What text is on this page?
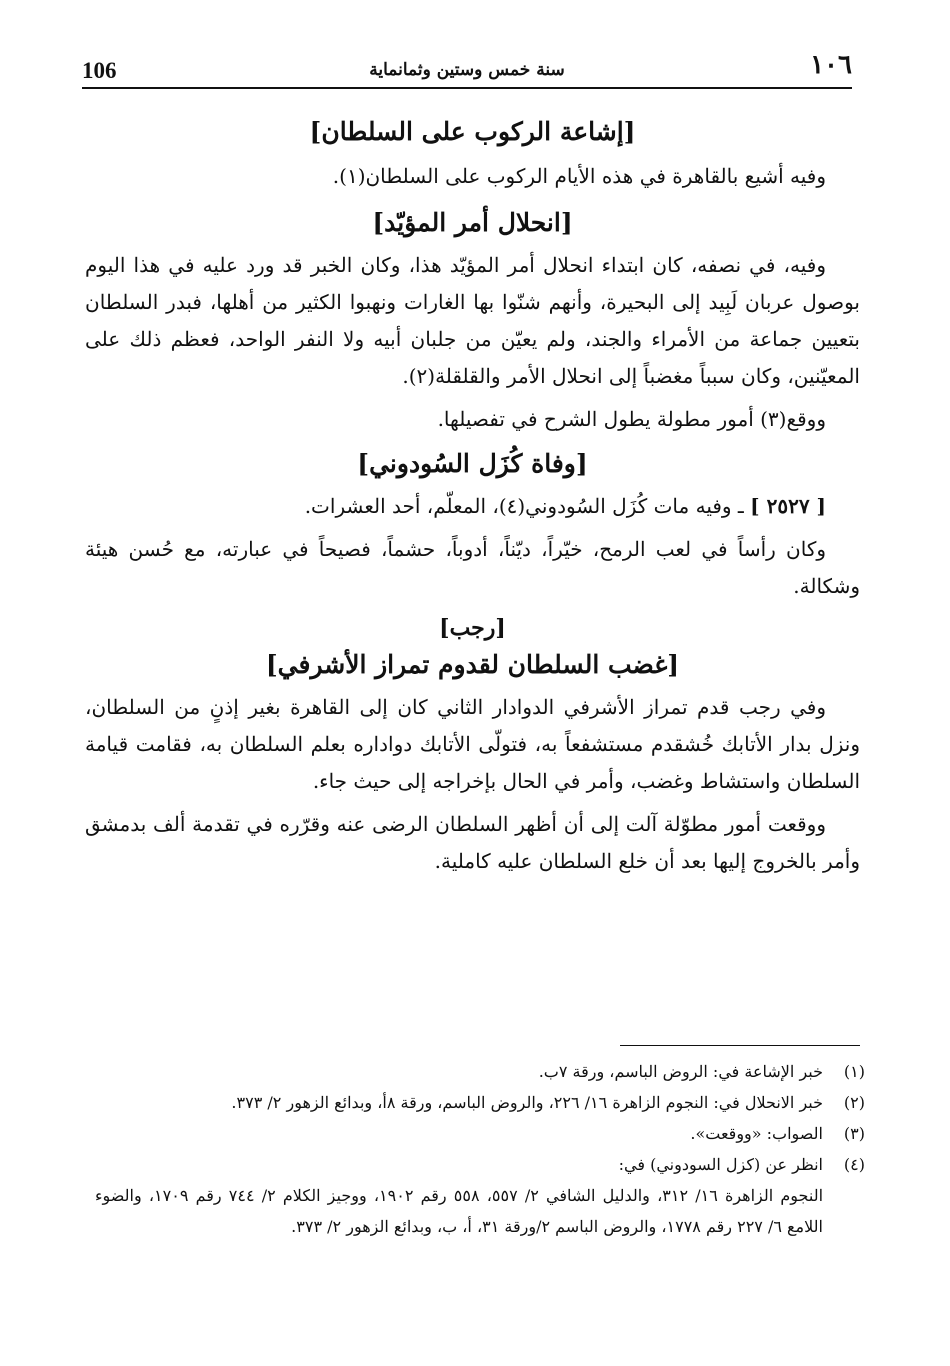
106	سنة خمس وستين وثمانماية	١٠٦
[إشاعة الركوب على السلطان]

وفيه أشيع بالقاهرة في هذه الأيام الركوب على السلطان(١).

[انحلال أمر المؤيّد]

وفيه، في نصفه، كان ابتداء انحلال أمر المؤيّد هذا، وكان الخبر قد ورد عليه في هذا اليوم بوصول عربان لَبِيد إلى البحيرة، وأنهم شنّوا بها الغارات ونهبوا الكثير من أهلها، فبدر السلطان بتعيين جماعة من الأمراء والجند، ولم يعيّن من جلبان أبيه ولا النفر الواحد، فعظم ذلك على المعيّنين، وكان سبباً مغضباً إلى انحلال الأمر والقلقلة(٢).

ووقع(٣) أمور مطولة يطول الشرح في تفصيلها.

[وفاة كُزَل السُودوني]

[ ٢٥٢٧ ] ـ وفيه مات كُزَل السُودوني(٤)، المعلّم، أحد العشرات.

وكان رأساً في لعب الرمح، خيّراً، ديّناً، أدوباً، حشماً، فصيحاً في عبارته، مع حُسن هيئة وشكالة.

[رجب]
[غضب السلطان لقدوم تمراز الأشرفي]

وفي رجب قدم تمراز الأشرفي الدوادار الثاني كان إلى القاهرة بغير إذنٍ من السلطان، ونزل بدار الأتابك خُشقدم مستشفعاً به، فتولّى الأتابك دواداره بعلم السلطان به، فقامت قيامة السلطان واستشاط وغضب، وأمر في الحال بإخراجه إلى حيث جاء.

ووقعت أمور مطوّلة آلت إلى أن أظهر السلطان الرضى عنه وقرّره في تقدمة ألف بدمشق وأمر بالخروج إليها بعد أن خلع السلطان عليه كاملية.

(١)
خبر الإشاعة في: الروض الباسم، ورقة ٧ب.
(٢)
خبر الانحلال في: النجوم الزاهرة ١٦/ ٢٢٦، والروض الباسم، ورقة ٨أ، وبدائع الزهور ٢/ ٣٧٣.
(٣)
الصواب: «ووقعت».
(٤)
انظر عن (كزل السودوني) في:
النجوم الزاهرة ١٦/ ٣١٢، والدليل الشافي ٢/ ٥٥٧، ٥٥٨ رقم ١٩٠٢، ووجيز الكلام ٢/ ٧٤٤ رقم ١٧٠٩، والضوء اللامع ٦/ ٢٢٧ رقم ١٧٧٨، والروض الباسم ٢/ورقة ٣١، أ، ب، وبدائع الزهور ٢/ ٣٧٣.
